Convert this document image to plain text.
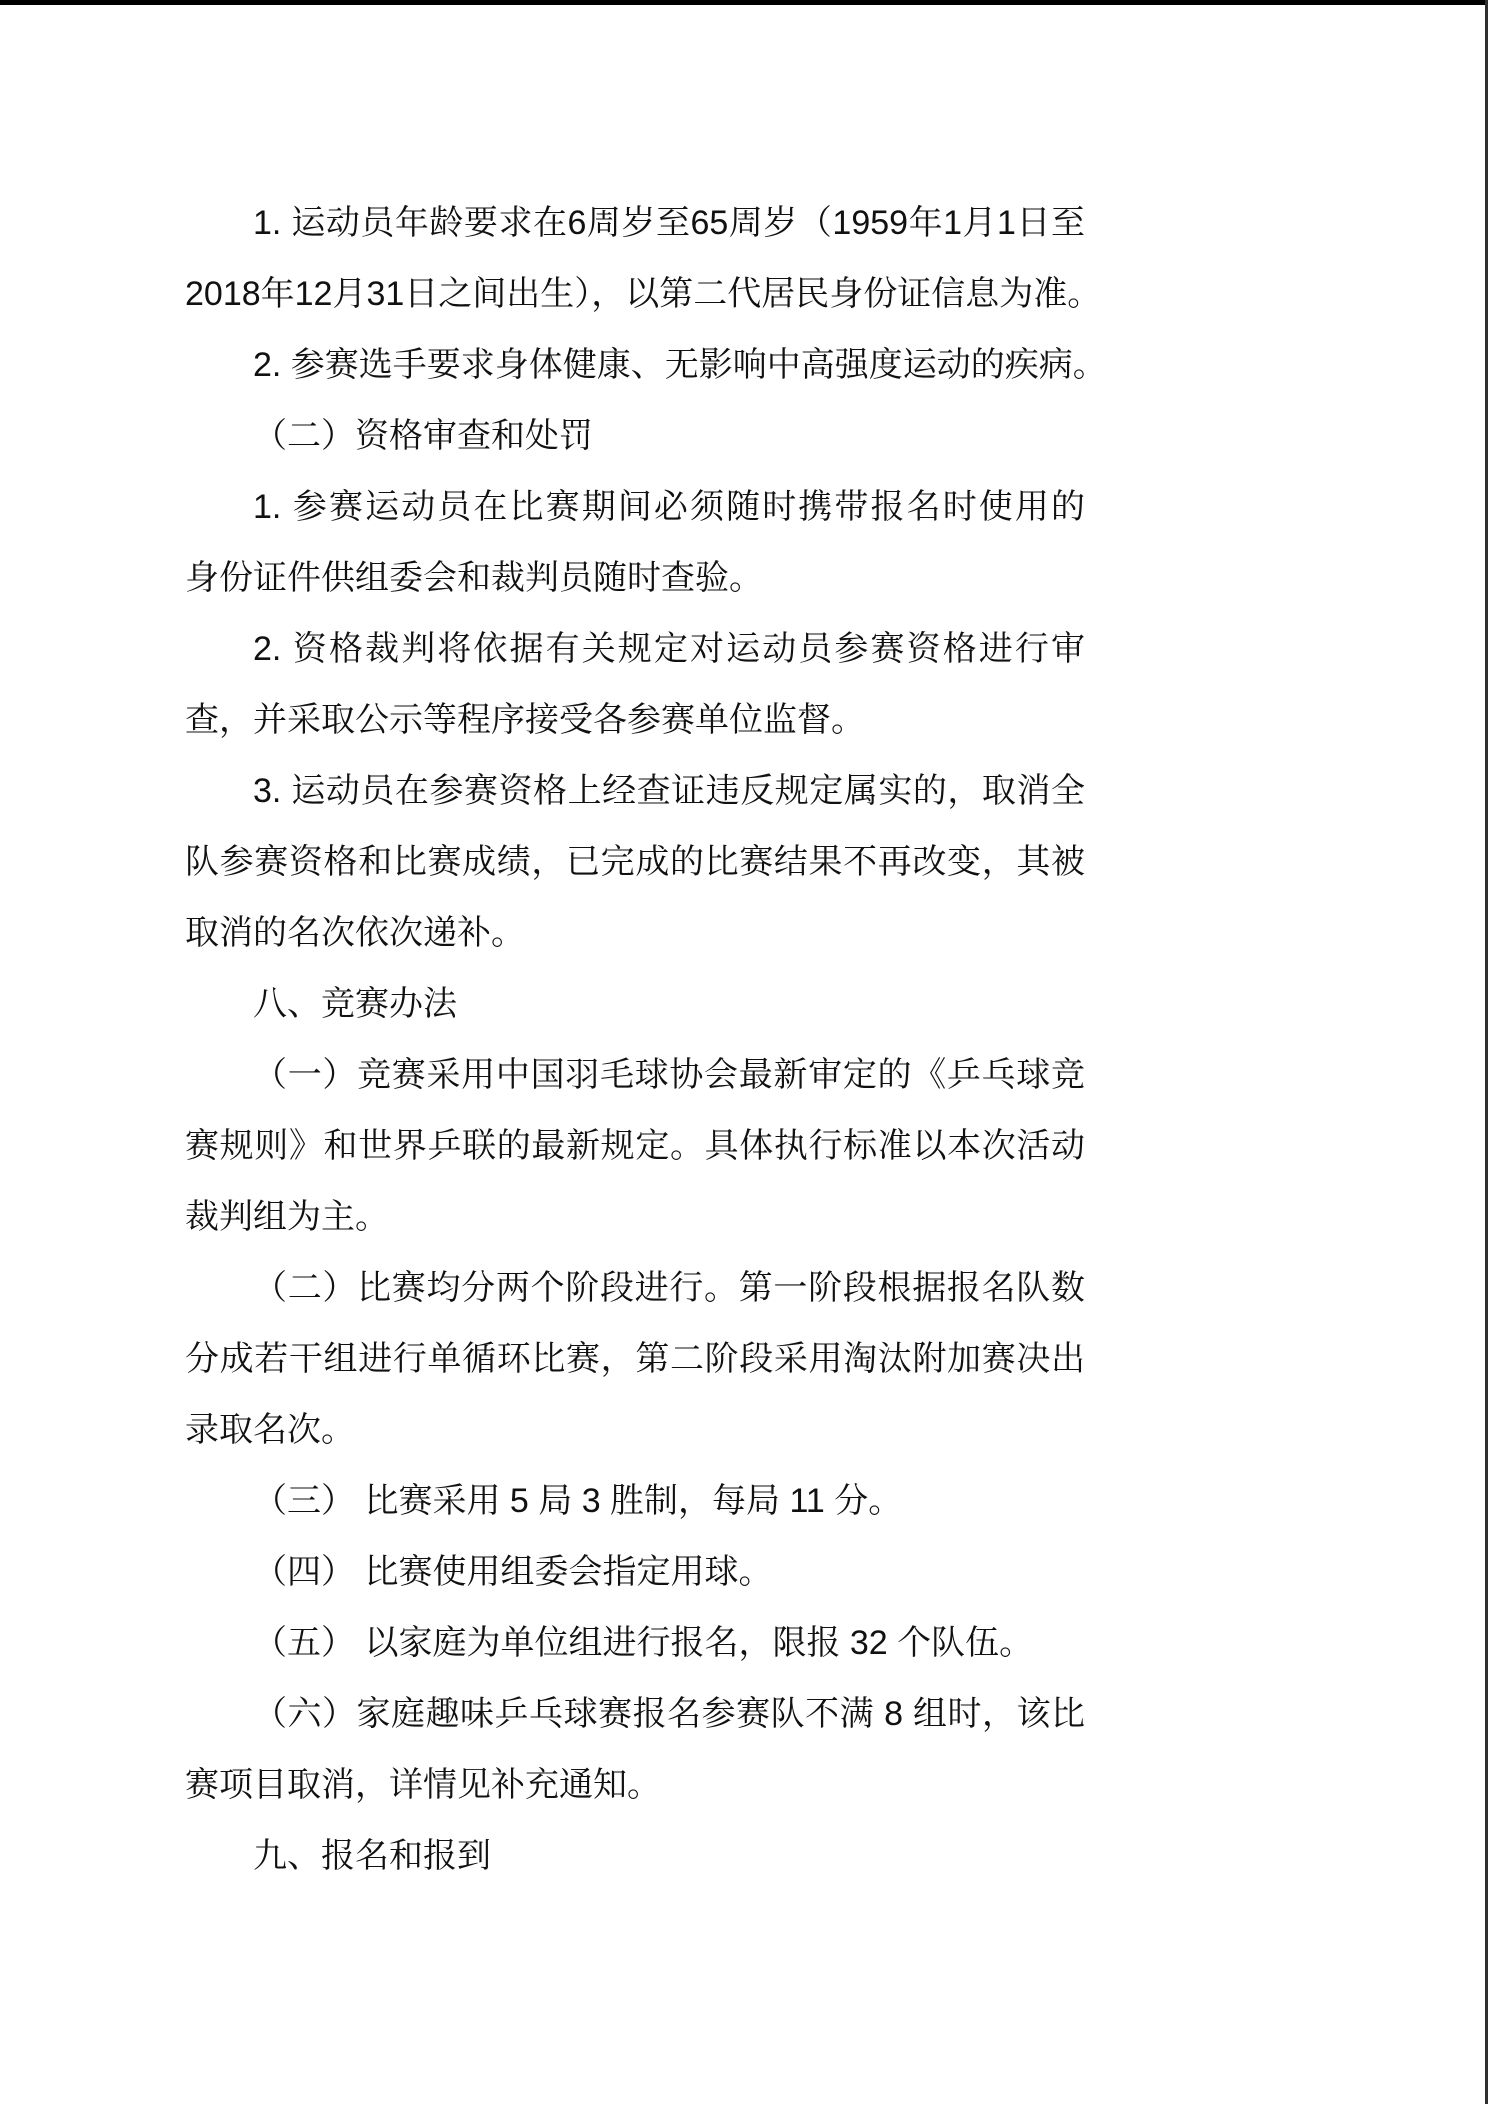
1. 运动员年龄要求在6周岁至65周岁（1959年1月1日至
2018年12月31日之间出生），以第二代居民身份证信息为准。
2. 参赛选手要求身体健康、无影响中高强度运动的疾病。
（二）资格审查和处罚
1. 参赛运动员在比赛期间必须随时携带报名时使用的
身份证件供组委会和裁判员随时查验。
2. 资格裁判将依据有关规定对运动员参赛资格进行审
查，并采取公示等程序接受各参赛单位监督。
3. 运动员在参赛资格上经查证违反规定属实的，取消全
队参赛资格和比赛成绩，已完成的比赛结果不再改变，其被
取消的名次依次递补。
八、竞赛办法
（一）竞赛采用中国羽毛球协会最新审定的《乒乓球竞
赛规则》和世界乒联的最新规定。具体执行标准以本次活动
裁判组为主。
（二）比赛均分两个阶段进行。第一阶段根据报名队数
分成若干组进行单循环比赛，第二阶段采用淘汰附加赛决出
录取名次。
（三） 比赛采用 5 局 3 胜制，每局 11 分。
（四） 比赛使用组委会指定用球。
（五） 以家庭为单位组进行报名，限报 32 个队伍。
（六）家庭趣味乒乓球赛报名参赛队不满 8 组时，该比
赛项目取消，详情见补充通知。
九、报名和报到
